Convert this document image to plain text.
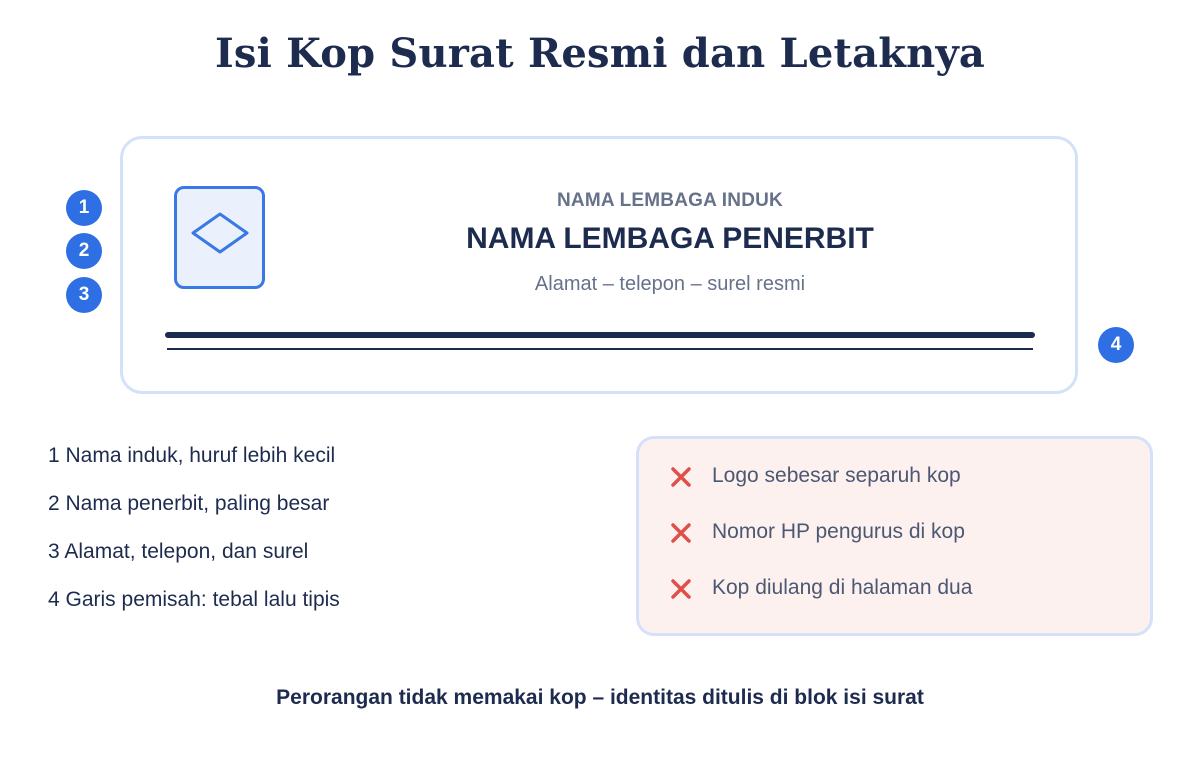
Isi Kop Surat Resmi dan Letaknya
NAMA LEMBAGA INDUK
NAMA LEMBAGA PENERBIT
Alamat – telepon – surel resmi
1
2
3
4
1 Nama induk, huruf lebih kecil
2 Nama penerbit, paling besar
3 Alamat, telepon, dan surel
4 Garis pemisah: tebal lalu tipis
Logo sebesar separuh kop
Nomor HP pengurus di kop
Kop diulang di halaman dua
Perorangan tidak memakai kop – identitas ditulis di blok isi surat
